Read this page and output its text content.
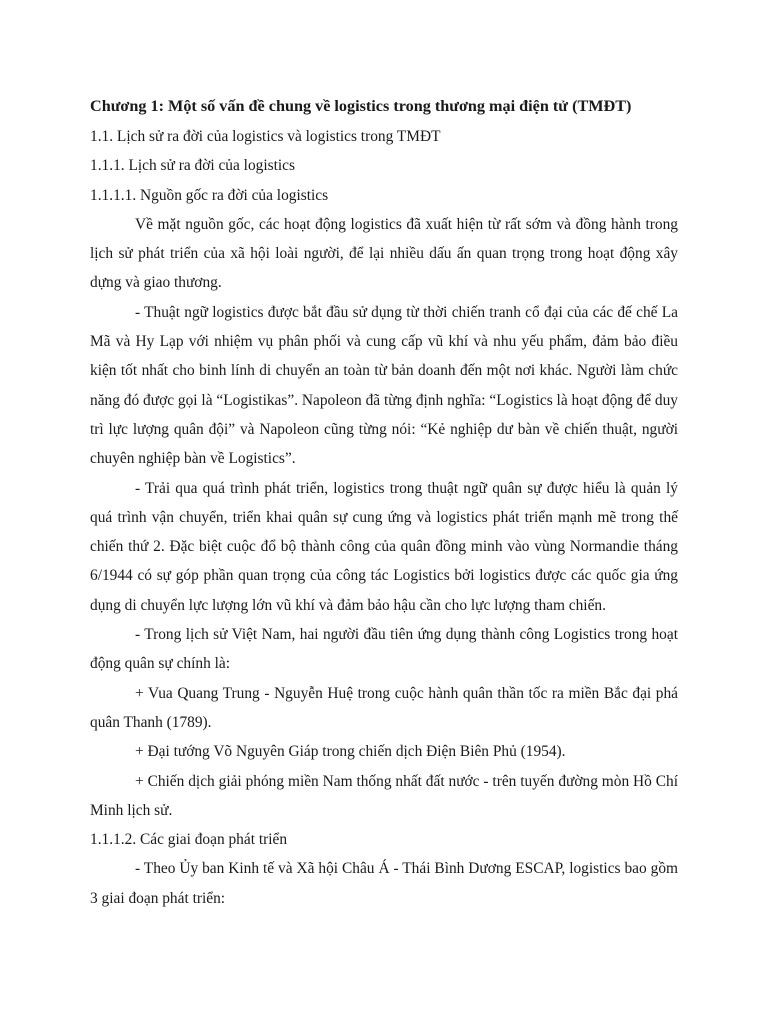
Chương 1: Một số vấn đề chung về logistics trong thương mại điện tử (TMĐT)

1.1. Lịch sử ra đời của logistics và logistics trong TMĐT

1.1.1. Lịch sử ra đời của logistics

1.1.1.1. Nguồn gốc ra đời của logistics

Về mặt nguồn gốc, các hoạt động logistics đã xuất hiện từ rất sớm và đồng hành trong lịch sử phát triển của xã hội loài người, để lại nhiều dấu ấn quan trọng trong hoạt động xây dựng và giao thương.

- Thuật ngữ logistics được bắt đầu sử dụng từ thời chiến tranh cổ đại của các đế chế La Mã và Hy Lạp với nhiệm vụ phân phối và cung cấp vũ khí và nhu yếu phẩm, đảm bảo điều kiện tốt nhất cho binh lính di chuyển an toàn từ bản doanh đến một nơi khác. Người làm chức năng đó được gọi là “Logistikas”. Napoleon đã từng định nghĩa: “Logistics là hoạt động để duy trì lực lượng quân đội” và Napoleon cũng từng nói: “Kẻ nghiệp dư bàn về chiến thuật, người chuyên nghiệp bàn về Logistics”.

- Trải qua quá trình phát triển, logistics trong thuật ngữ quân sự được hiểu là quản lý quá trình vận chuyển, triển khai quân sự cung ứng và logistics phát triển mạnh mẽ trong thế chiến thứ 2. Đặc biệt cuộc đổ bộ thành công của quân đồng minh vào vùng Normandie tháng 6/1944 có sự góp phần quan trọng của công tác Logistics bởi logistics được các quốc gia ứng dụng di chuyển lực lượng lớn vũ khí và đảm bảo hậu cần cho lực lượng tham chiến.

- Trong lịch sử Việt Nam, hai người đầu tiên ứng dụng thành công Logistics trong hoạt động quân sự chính là:

+ Vua Quang Trung - Nguyễn Huệ trong cuộc hành quân thần tốc ra miền Bắc đại phá quân Thanh (1789).

+ Đại tướng Võ Nguyên Giáp trong chiến dịch Điện Biên Phủ (1954).

+ Chiến dịch giải phóng miền Nam thống nhất đất nước - trên tuyến đường mòn Hồ Chí Minh lịch sử.

1.1.1.2. Các giai đoạn phát triển

- Theo Ủy ban Kinh tế và Xã hội Châu Á - Thái Bình Dương ESCAP, logistics bao gồm 3 giai đoạn phát triển:
